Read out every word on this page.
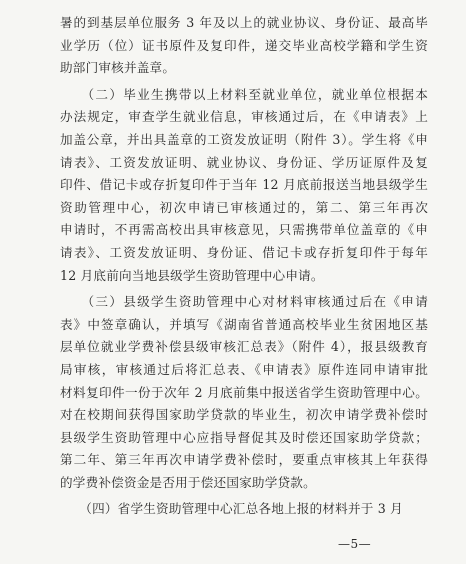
暑的到基层单位服务 3 年及以上的就业协议、身份证、最高毕
业学历（位）证书原件及复印件，递交毕业高校学籍和学生资
助部门审核并盖章。
　　（二）毕业生携带以上材料至就业单位，就业单位根据本
办法规定，审查学生就业信息，审核通过后，在《申请表》上
加盖公章，并出具盖章的工资发放证明（附件 3）。学生将《申
请表》、工资发放证明、就业协议、身份证、学历证原件及复
印件、借记卡或存折复印件于当年 12 月底前报送当地县级学生
资助管理中心，初次申请已审核通过的，第二、第三年再次
申请时，不再需高校出具审核意见，只需携带单位盖章的《申
请表》、工资发放证明、身份证、借记卡或存折复印件于每年
12 月底前向当地县级学生资助管理中心申请。
　　（三）县级学生资助管理中心对材料审核通过后在《申请
表》中签章确认，并填写《湖南省普通高校毕业生贫困地区基
层单位就业学费补偿县级审核汇总表》（附件 4），报县级教育
局审核，审核通过后将汇总表、《申请表》原件连同申请审批
材料复印件一份于次年 2 月底前集中报送省学生资助管理中心。
对在校期间获得国家助学贷款的毕业生，初次申请学费补偿时
县级学生资助管理中心应指导督促其及时偿还国家助学贷款；
第二年、第三年再次申请学费补偿时，要重点审核其上年获得
的学费补偿资金是否用于偿还国家助学贷款。
　　（四）省学生资助管理中心汇总各地上报的材料并于 3 月
—5—
